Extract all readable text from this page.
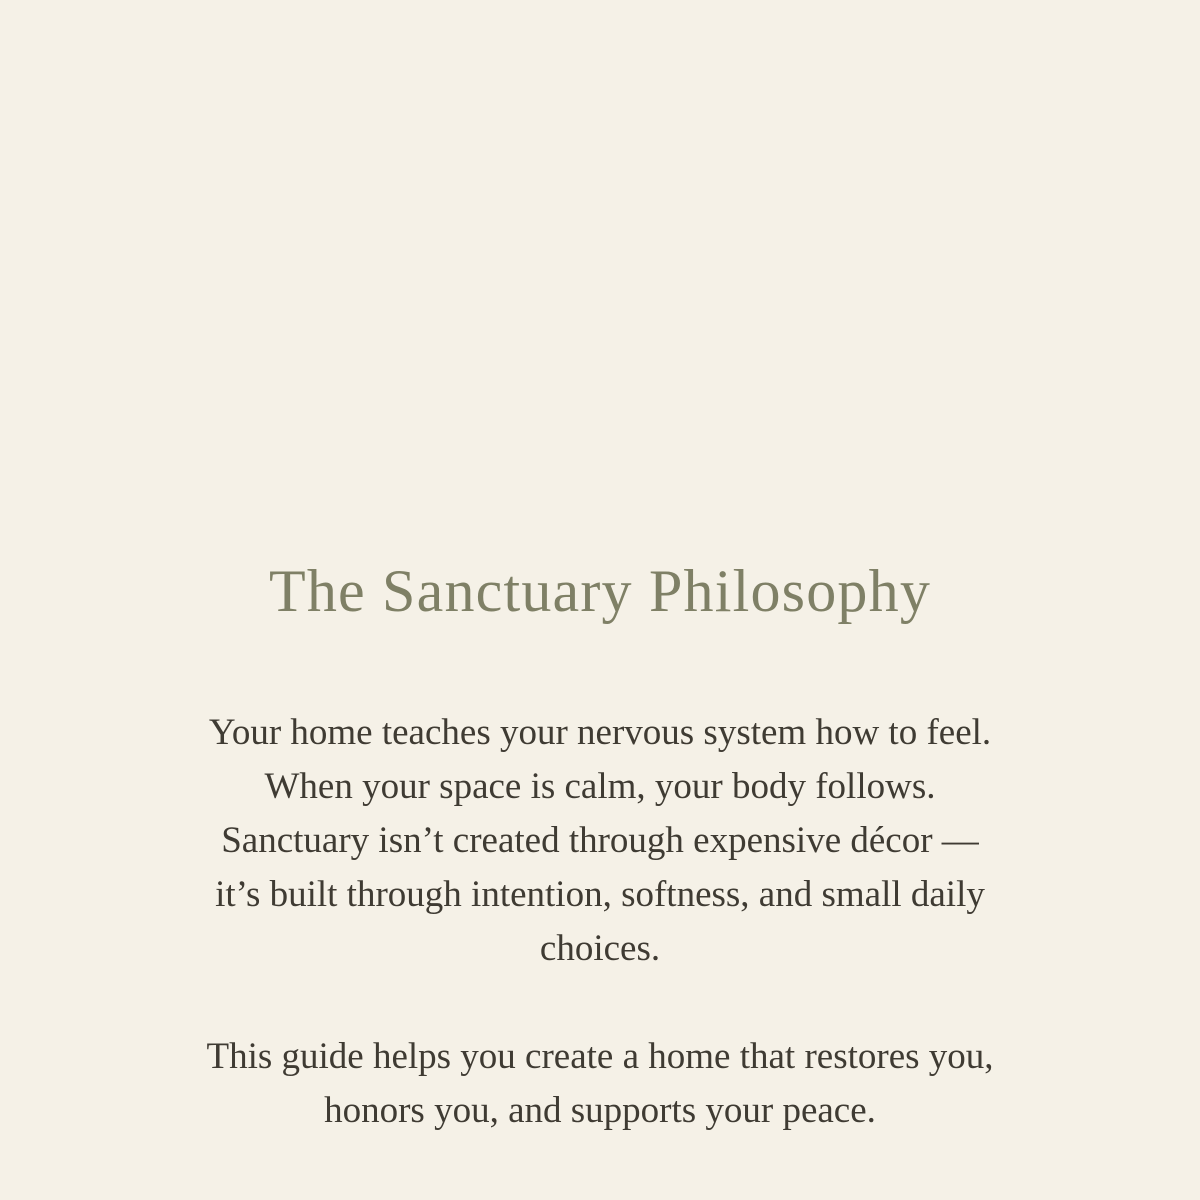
The Sanctuary Philosophy

Your home teaches your nervous system how to feel.
When your space is calm, your body follows.
Sanctuary isn’t created through expensive décor —
it’s built through intention, softness, and small daily
choices.

This guide helps you create a home that restores you,
honors you, and supports your peace.
